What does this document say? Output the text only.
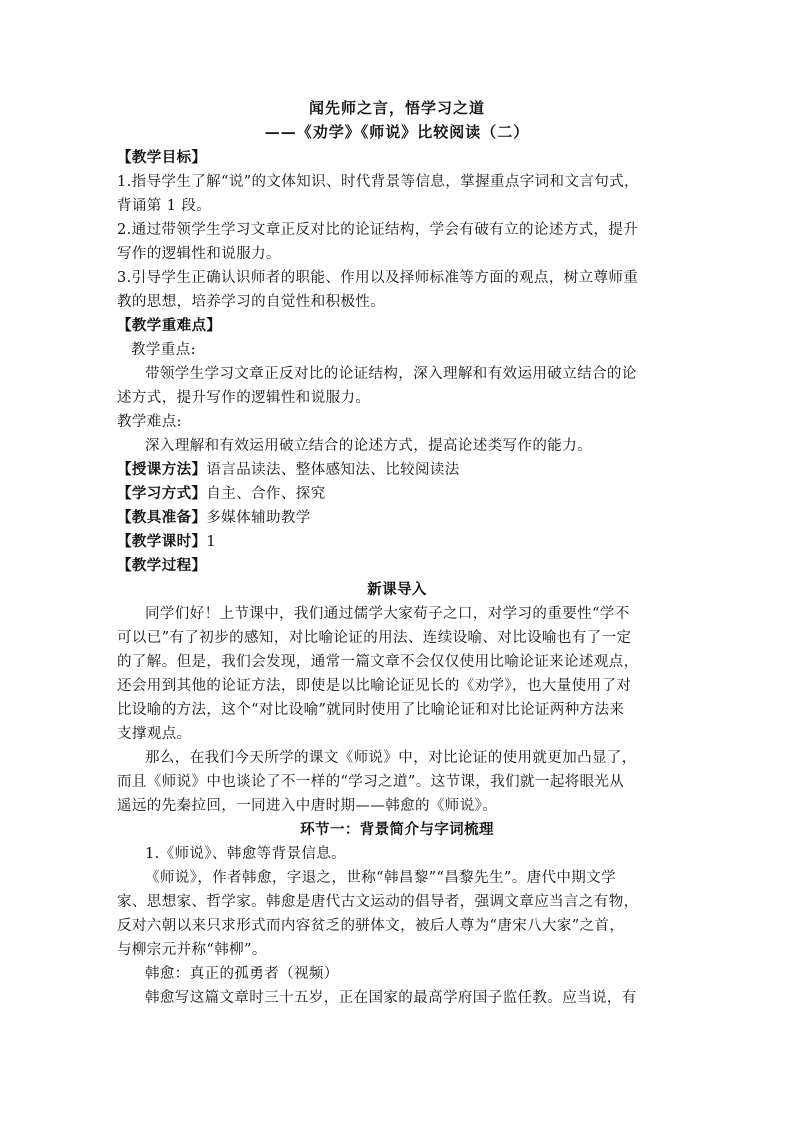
闻先师之言，悟学习之道
——《劝学》《师说》比较阅读（二）
【教学目标】
1.指导学生了解“说”的文体知识、时代背景等信息，掌握重点字词和文言句式，
背诵第 1 段。
2.通过带领学生学习文章正反对比的论证结构，学会有破有立的论述方式，提升
写作的逻辑性和说服力。
3.引导学生正确认识师者的职能、作用以及择师标准等方面的观点，树立尊师重
教的思想，培养学习的自觉性和积极性。
【教学重难点】
教学重点:
带领学生学习文章正反对比的论证结构，深入理解和有效运用破立结合的论
述方式，提升写作的逻辑性和说服力。
教学难点:
深入理解和有效运用破立结合的论述方式，提高论述类写作的能力。
【授课方法】语言品读法、整体感知法、比较阅读法
【学习方式】自主、合作、探究
【教具准备】多媒体辅助教学
【教学课时】1
【教学过程】
新课导入
同学们好！上节课中，我们通过儒学大家荀子之口，对学习的重要性“学不
可以已”有了初步的感知，对比喻论证的用法、连续设喻、对比设喻也有了一定
的了解。但是，我们会发现，通常一篇文章不会仅仅使用比喻论证来论述观点，
还会用到其他的论证方法，即使是以比喻论证见长的《劝学》，也大量使用了对
比设喻的方法，这个“对比设喻”就同时使用了比喻论证和对比论证两种方法来
支撑观点。
那么，在我们今天所学的课文《师说》中，对比论证的使用就更加凸显了，
而且《师说》中也谈论了不一样的“学习之道”。这节课，我们就一起将眼光从
遥远的先秦拉回，一同进入中唐时期——韩愈的《师说》。
环节一：背景简介与字词梳理
1.《师说》、韩愈等背景信息。
《师说》，作者韩愈，字退之，世称“韩昌黎”“昌黎先生”。唐代中期文学
家、思想家、哲学家。韩愈是唐代古文运动的倡导者，强调文章应当言之有物，
反对六朝以来只求形式而内容贫乏的骈体文，被后人尊为“唐宋八大家”之首，
与柳宗元并称“韩柳”。
韩愈：真正的孤勇者（视频）
韩愈写这篇文章时三十五岁，正在国家的最高学府国子监任教。应当说，有
